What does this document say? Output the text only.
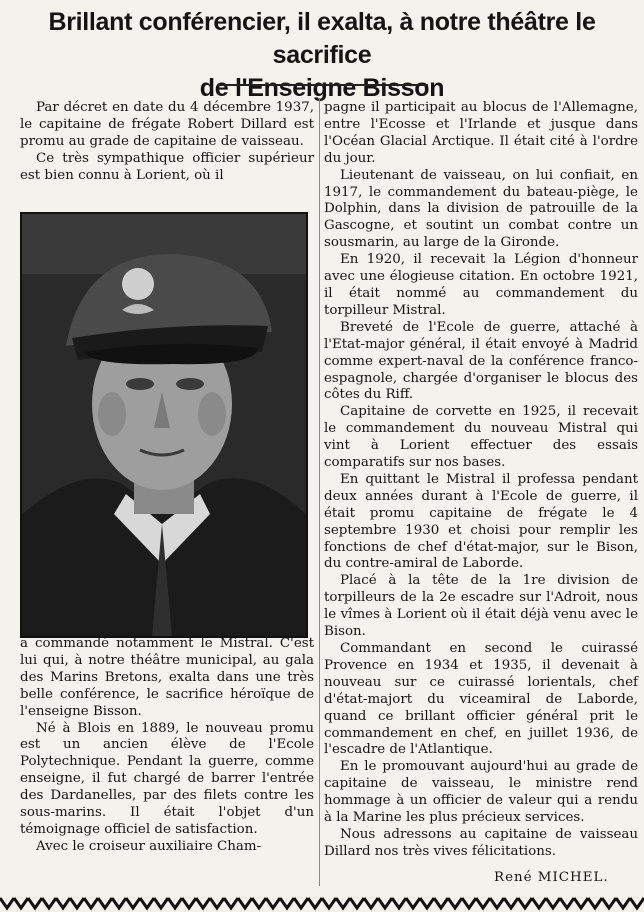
Brillant conférencier, il exalta, à notre théâtre le sacrifice
de l'Enseigne Bisson

Par décret en date du 4 décembre 1937, le capitaine de frégate Robert Dillard est promu au grade de capitaine de vaisseau.

Ce très sympathique officier supérieur est bien connu à Lorient, où il

a commandé notamment le Mistral. C'est lui qui, à notre théâtre municipal, au gala des Marins Bretons, exalta dans une très belle conférence, le sacrifice héroïque de l'enseigne Bisson.

Né à Blois en 1889, le nouveau promu est un ancien élève de l'Ecole Polytechnique. Pendant la guerre, comme enseigne, il fut chargé de barrer l'entrée des Dardanelles, par des filets contre les sous-marins. Il était l'objet d'un témoignage officiel de satisfaction.

Avec le croiseur auxiliaire Cham-

pagne il participait au blocus de l'Allemagne, entre l'Ecosse et l'Irlande et jusque dans l'Océan Glacial Arctique. Il était cité à l'ordre du jour.

Lieutenant de vaisseau, on lui confiait, en 1917, le commandement du bateau-piège, le Dolphin, dans la division de patrouille de la Gascogne, et soutint un combat contre un sousmarin, au large de la Gironde.

En 1920, il recevait la Légion d'honneur avec une élogieuse citation. En octobre 1921, il était nommé au commandement du torpilleur Mistral.

Breveté de l'Ecole de guerre, attaché à l'Etat-major général, il était envoyé à Madrid comme expert-naval de la conférence franco-espagnole, chargée d'organiser le blocus des côtes du Riff.

Capitaine de corvette en 1925, il recevait le commandement du nouveau Mistral qui vint à Lorient effectuer des essais comparatifs sur nos bases.

En quittant le Mistral il professa pendant deux années durant à l'Ecole de guerre, il était promu capitaine de frégate le 4 septembre 1930 et choisi pour remplir les fonctions de chef d'état-major, sur le Bison, du contre-amiral de Laborde.

Placé à la tête de la 1re division de torpilleurs de la 2e escadre sur l'Adroit, nous le vîmes à Lorient où il était déjà venu avec le Bison.

Commandant en second le cuirassé Provence en 1934 et 1935, il devenait à nouveau sur ce cuirassé lorientals, chef d'état-majort du viceamiral de Laborde, quand ce brillant officier général prit le commandement en chef, en juillet 1936, de l'escadre de l'Atlantique.

En le promouvant aujourd'hui au grade de capitaine de vaisseau, le ministre rend hommage à un officier de valeur qui a rendu à la Marine les plus précieux services.

Nous adressons au capitaine de vaisseau Dillard nos très vives félicitations.

René MICHEL.
